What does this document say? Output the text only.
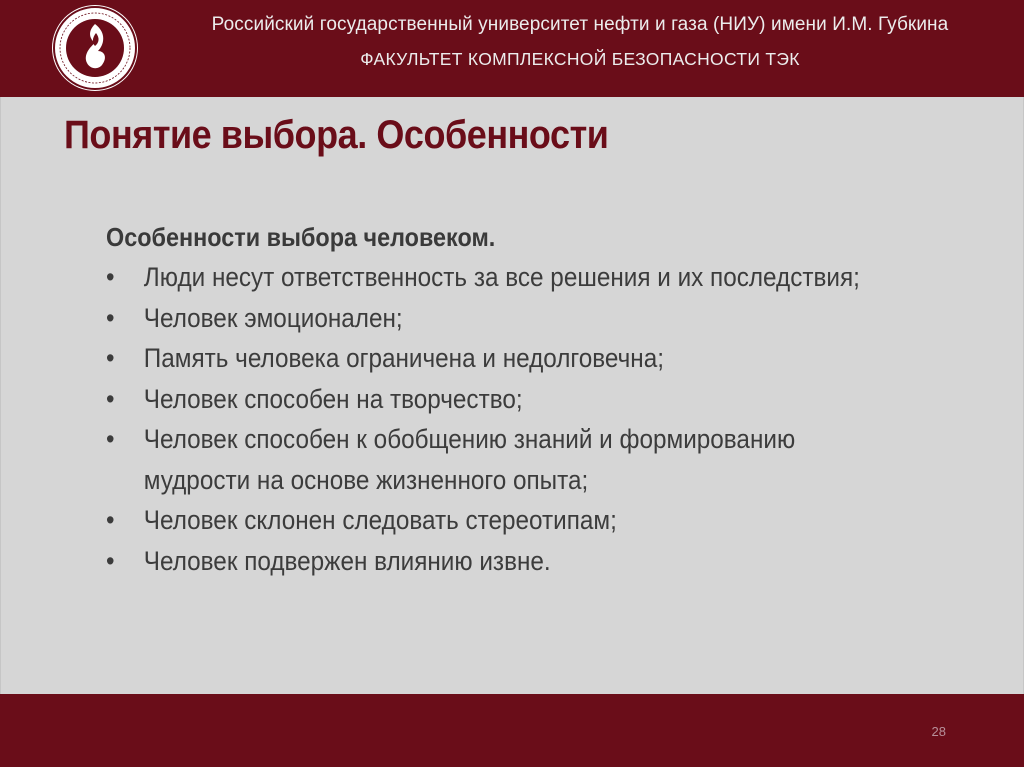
Российский государственный университет нефти и газа (НИУ) имени И.М. Губкина
ФАКУЛЬТЕТ КОМПЛЕКСНОЙ БЕЗОПАСНОСТИ ТЭК
Понятие выбора. Особенности
Особенности выбора человеком.
•	Люди несут ответственность за все решения и их последствия;
•	Человек эмоционален;
•	Память человека ограничена и недолговечна;
•	Человек способен на творчество;
•	Человек способен к обобщению знаний и формированию
мудрости на основе жизненного опыта;
•	Человек склонен следовать стереотипам;
•	Человек подвержен влиянию извне.
28
